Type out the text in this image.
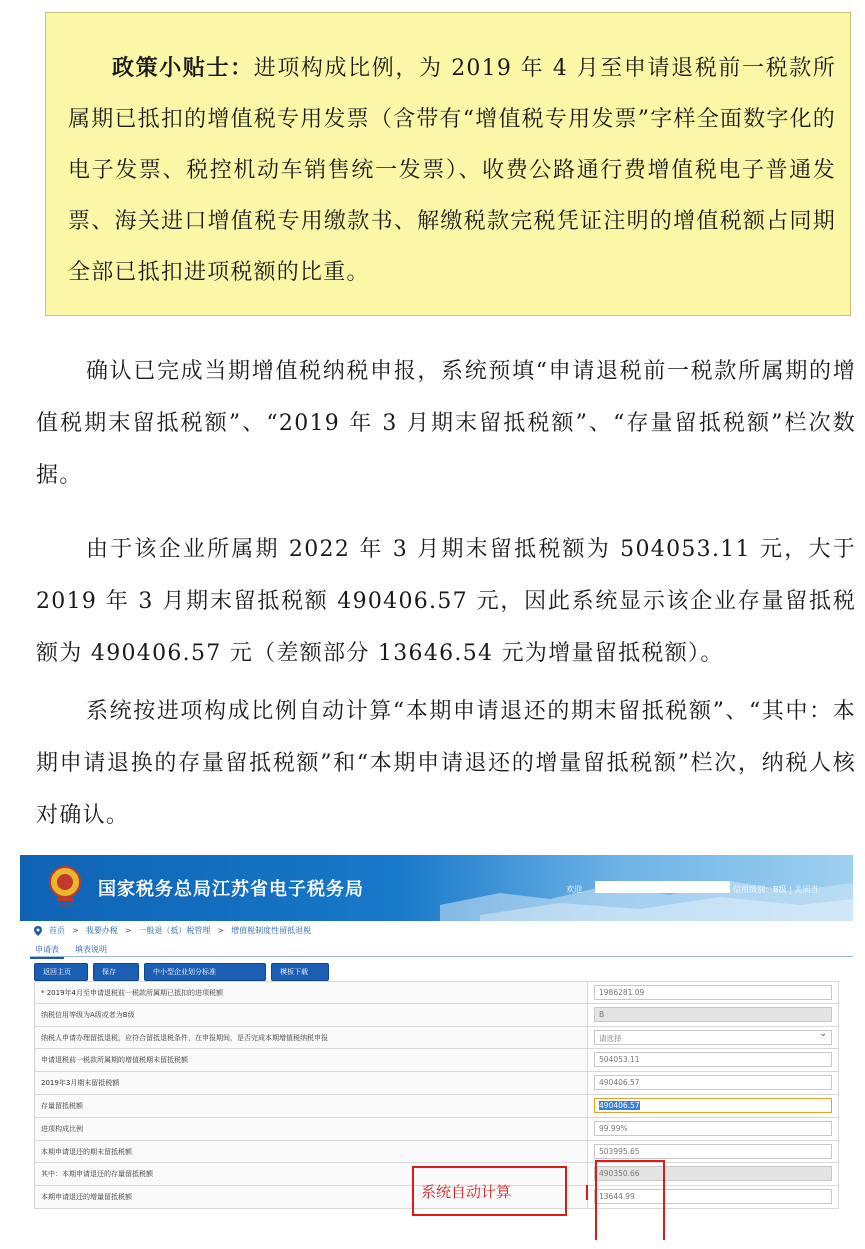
政策小贴士：进项构成比例，为 2019 年 4 月至申请退税前一税款所属期已抵扣的增值税专用发票（含带有“增值税专用发票”字样全面数字化的电子发票、税控机动车销售统一发票）、收费公路通行费增值税电子普通发票、海关进口增值税专用缴款书、解缴税款完税凭证注明的增值税额占同期全部已抵扣进项税额的比重。

确认已完成当期增值税纳税申报，系统预填“申请退税前一税款所属期的增值税期末留抵税额”、“2019 年 3 月期末留抵税额”、“存量留抵税额”栏次数据。

由于该企业所属期 2022 年 3 月期末留抵税额为 504053.11 元，大于 2019 年 3 月期末留抵税额 490406.57 元，因此系统显示该企业存量留抵税额为 490406.57 元（差额部分 13646.54 元为增量留抵税额）。

系统按进项构成比例自动计算“本期申请退还的期末留抵税额”、“其中：本期申请退换的存量留抵税额”和“本期申请退还的增量留抵税额”栏次，纳税人核对确认。

中国税务
国家税务总局江苏省电子税务局	欢迎	信用级别：B级 | 关闭当
首页 > 我要办税 > 一般退（抵）税管理 > 增值税制度性留抵退税
申请表	填表说明
返回主页	保存	中小型企业划分标准	模板下载
* 2019年4月至申请退税前一税款所属期已抵扣的进项税额	1986281.09
纳税信用等级为A级或者为B级	B
纳税人申请办理留抵退税，应符合留抵退税条件，在申报期间，是否完成本期增值税纳税申报	请选择 ⌄
申请退税前一税款所属期的增值税期末留抵税额	504053.11
2019年3月期末留抵税额	490406.57
存量留抵税额	490406.57
进项构成比例	99.99%
本期申请退还的期末留抵税额	503995.65
其中：本期申请退还的存量留抵税额	490350.66
本期申请退还的增量留抵税额	13644.99
系统自动计算
